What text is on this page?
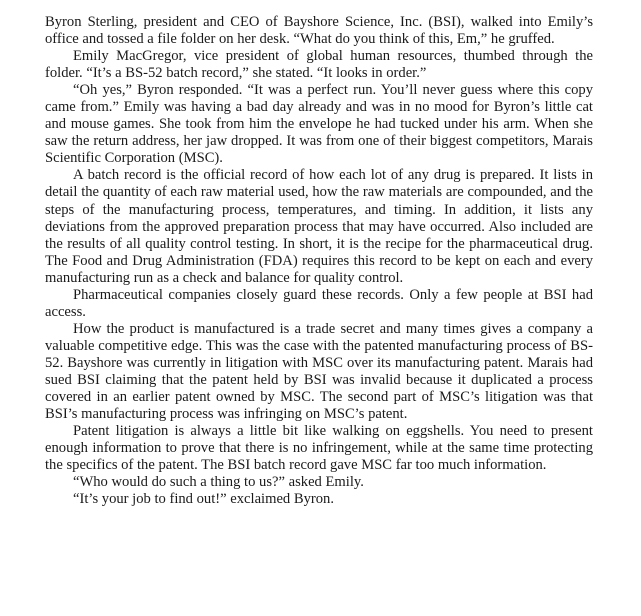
Byron Sterling, president and CEO of Bayshore Science, Inc. (BSI), walked into Emily’s office and tossed a file folder on her desk. “What do you think of this, Em,” he gruffed.

Emily MacGregor, vice president of global human resources, thumbed through the folder. “It’s a BS-52 batch record,” she stated. “It looks in order.”

“Oh yes,” Byron responded. “It was a perfect run. You’ll never guess where this copy came from.” Emily was having a bad day already and was in no mood for Byron’s little cat and mouse games. She took from him the envelope he had tucked under his arm. When she saw the return address, her jaw dropped. It was from one of their biggest competitors, Marais Scientific Corporation (MSC).

A batch record is the official record of how each lot of any drug is prepared. It lists in detail the quantity of each raw material used, how the raw materials are compounded, and the steps of the manufacturing process, temperatures, and timing. In addition, it lists any deviations from the approved preparation process that may have occurred. Also included are the results of all quality control testing. In short, it is the recipe for the pharmaceutical drug. The Food and Drug Administration (FDA) requires this record to be kept on each and every manufacturing run as a check and balance for quality control.

Pharmaceutical companies closely guard these records. Only a few people at BSI had access.

How the product is manufactured is a trade secret and many times gives a company a valuable competitive edge. This was the case with the patented manufacturing process of BS-52. Bayshore was currently in litigation with MSC over its manufacturing patent. Marais had sued BSI claiming that the patent held by BSI was invalid because it duplicated a process covered in an earlier patent owned by MSC. The second part of MSC’s litigation was that BSI’s manufacturing process was infringing on MSC’s patent.

Patent litigation is always a little bit like walking on eggshells. You need to present enough information to prove that there is no infringement, while at the same time protecting the specifics of the patent. The BSI batch record gave MSC far too much information.

“Who would do such a thing to us?” asked Emily.

“It’s your job to find out!” exclaimed Byron.
